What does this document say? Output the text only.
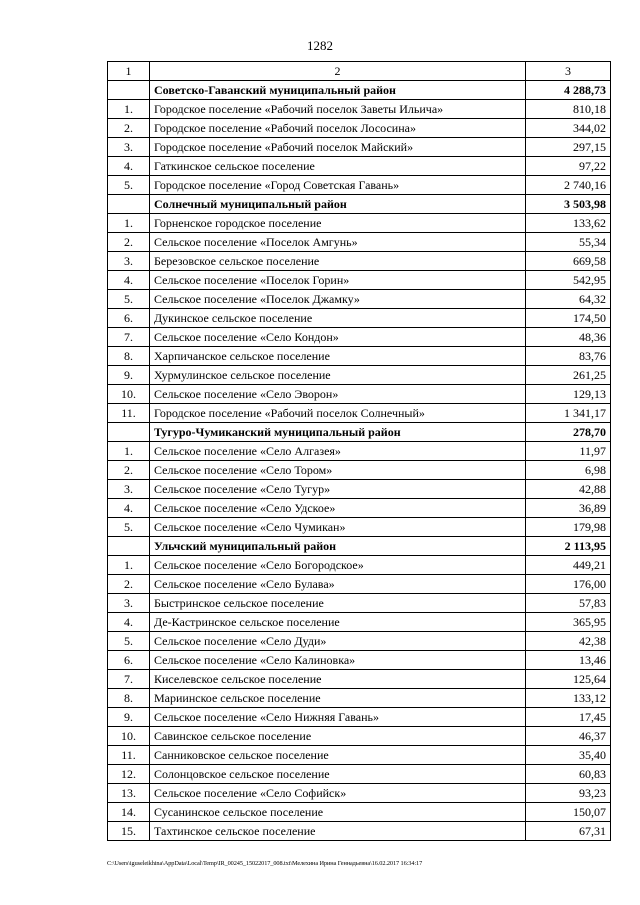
1282
1	2	3
	Советско-Гаванский муниципальный район	4 288,73
1.	Городское поселение «Рабочий поселок Заветы Ильича»	810,18
2.	Городское поселение «Рабочий поселок Лососина»	344,02
3.	Городское поселение «Рабочий поселок Майский»	297,15
4.	Гаткинское сельское поселение	97,22
5.	Городское поселение «Город Советская Гавань»	2 740,16
	Солнечный муниципальный район	3 503,98
1.	Горненское городское поселение	133,62
2.	Сельское поселение «Поселок Амгунь»	55,34
3.	Березовское сельское поселение	669,58
4.	Сельское поселение «Поселок Горин»	542,95
5.	Сельское поселение «Поселок Джамку»	64,32
6.	Дукинское сельское поселение	174,50
7.	Сельское поселение «Село Кондон»	48,36
8.	Харпичанское сельское поселение	83,76
9.	Хурмулинское сельское поселение	261,25
10.	Сельское поселение «Село Эворон»	129,13
11.	Городское поселение «Рабочий поселок Солнечный»	1 341,17
	Тугуро-Чумиканский муниципальный район	278,70
1.	Сельское поселение «Село Алгазея»	11,97
2.	Сельское поселение «Село Тором»	6,98
3.	Сельское поселение «Село Тугур»	42,88
4.	Сельское поселение «Село Удское»	36,89
5.	Сельское поселение «Село Чумикан»	179,98
	Ульчский муниципальный район	2 113,95
1.	Сельское поселение «Село Богородское»	449,21
2.	Сельское поселение «Село Булава»	176,00
3.	Быстринское сельское поселение	57,83
4.	Де-Кастринское сельское поселение	365,95
5.	Сельское поселение «Село Дуди»	42,38
6.	Сельское поселение «Село Калиновка»	13,46
7.	Киселевское сельское поселение	125,64
8.	Мариинское сельское поселение	133,12
9.	Сельское поселение «Село Нижняя Гавань»	17,45
10.	Савинское сельское поселение	46,37
11.	Санниковское сельское поселение	35,40
12.	Солонцовское сельское поселение	60,83
13.	Сельское поселение «Село Софийск»	93,23
14.	Сусанинское сельское поселение	150,07
15.	Тахтинское сельское поселение	67,31
C:\Users\iguseleikhina\AppData\Local\Temp\IR_00245_15022017_008.txt\Мелехина Ирина Геннадьевна\16.02.2017 16:34:17
